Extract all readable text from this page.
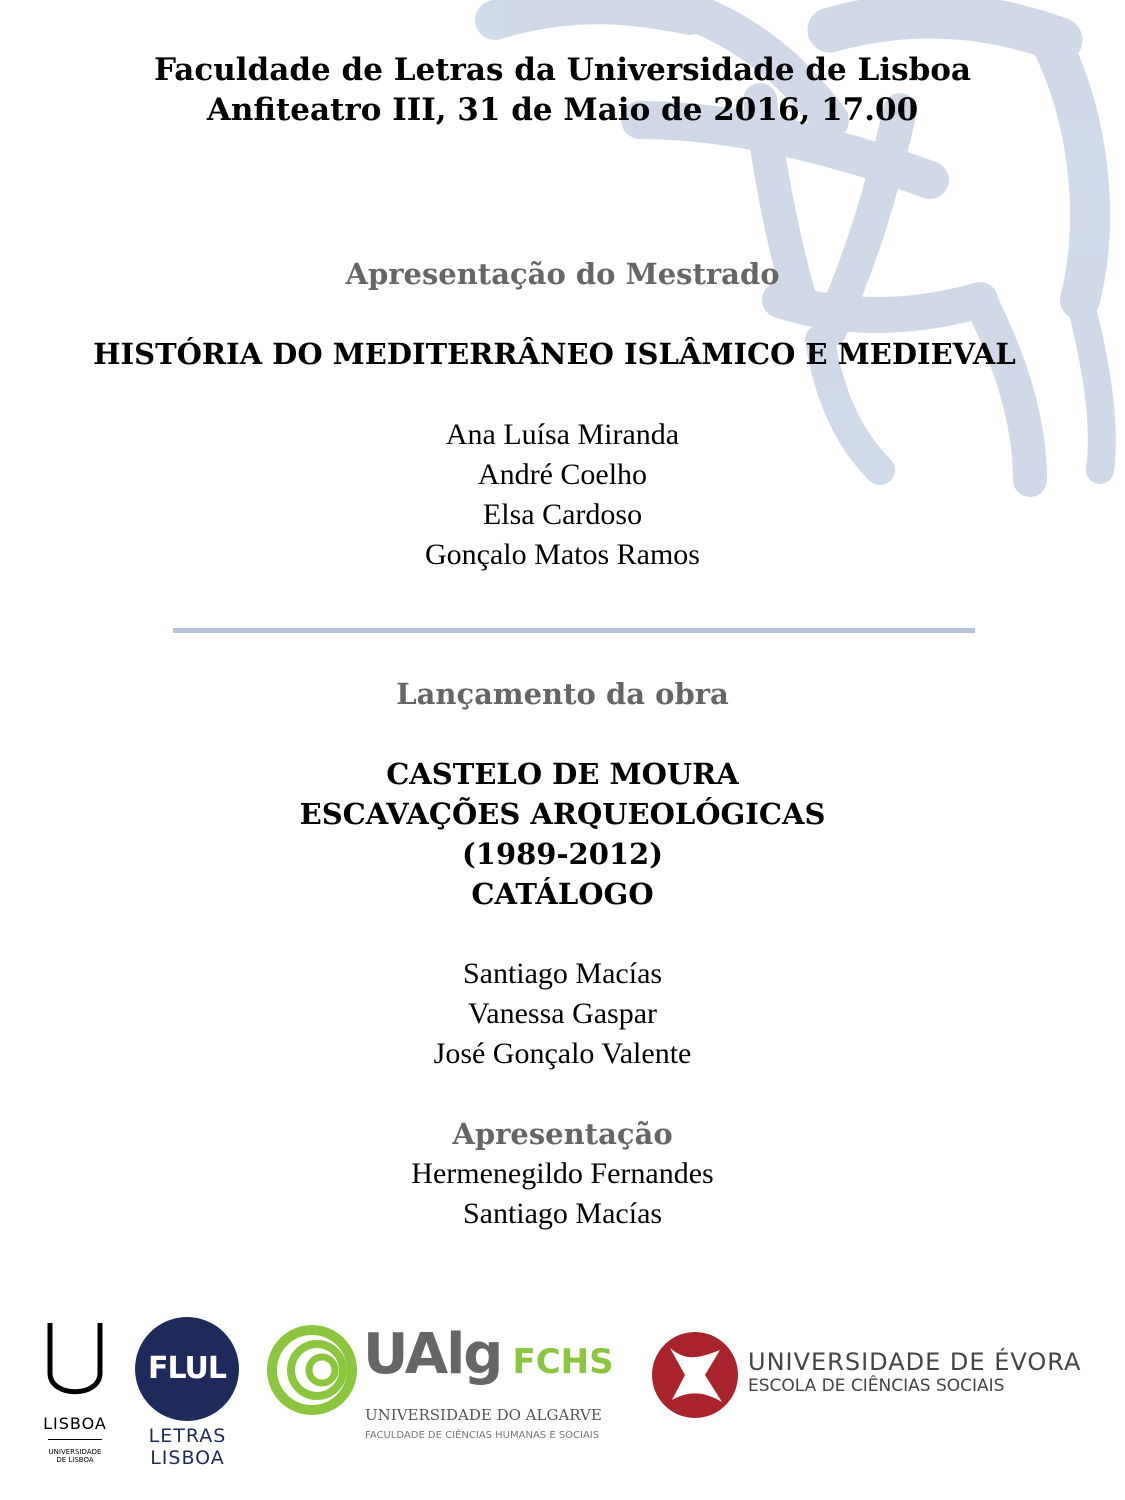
Faculdade de Letras da Universidade de Lisboa
Anfiteatro III, 31 de Maio de 2016, 17.00
Apresentação do Mestrado
HISTÓRIA DO MEDITERRÂNEO ISLÂMICO E MEDIEVAL
Ana Luísa Miranda
André Coelho
Elsa Cardoso
Gonçalo Matos Ramos
Lançamento da obra
CASTELO DE MOURA
ESCAVAÇÕES ARQUEOLÓGICAS
(1989-2012)
CATÁLOGO
Santiago Macías
Vanessa Gaspar
José Gonçalo Valente
Apresentação
Hermenegildo Fernandes
Santiago Macías
LISBOA
UNIVERSIDADE
DE LISBOA
FLUL
LETRAS
LISBOA
UAlg FCHS
UNIVERSIDADE DO ALGARVE
FACULDADE DE CIÊNCIAS HUMANAS E SOCIAIS
UNIVERSIDADE DE ÉVORA
ESCOLA DE CIÊNCIAS SOCIAIS
